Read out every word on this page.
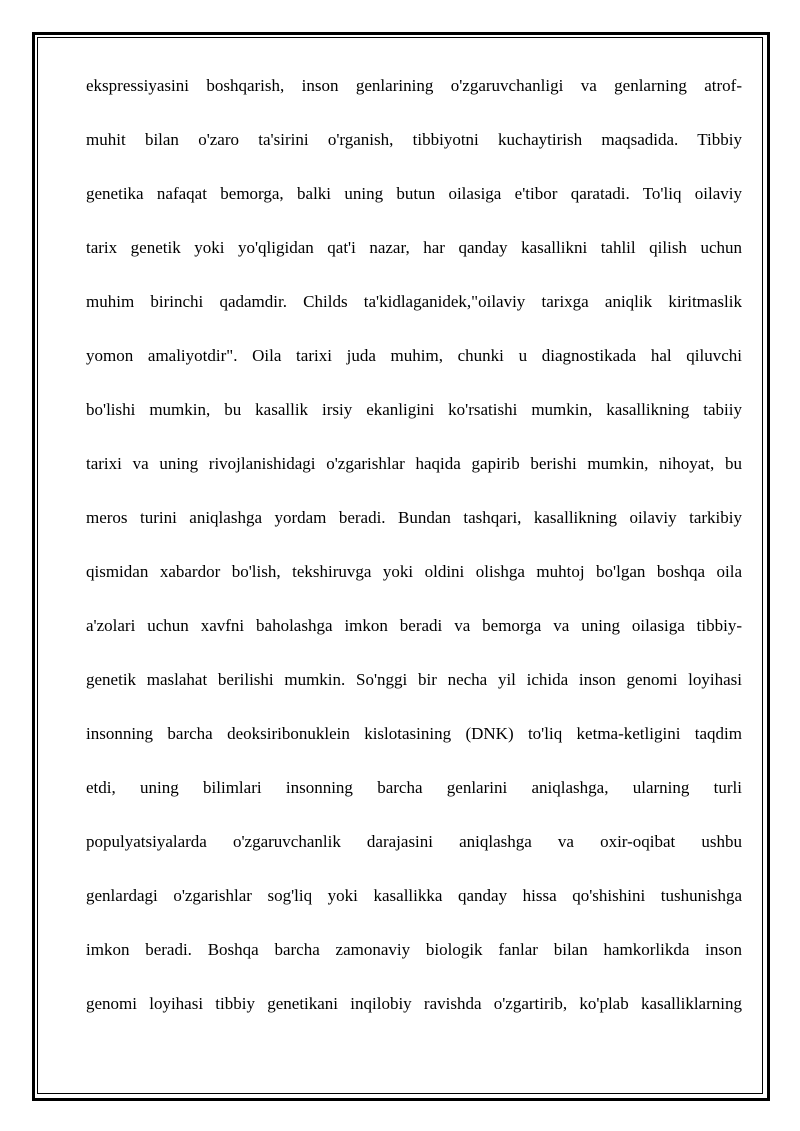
ekspressiyasini boshqarish, inson genlarining o'zgaruvchanligi va genlarning atrof-
muhit bilan o'zaro ta'sirini o'rganish, tibbiyotni kuchaytirish maqsadida. Tibbiy
genetika nafaqat bemorga, balki uning butun oilasiga e'tibor qaratadi. To'liq oilaviy
tarix genetik yoki yo'qligidan qat'i nazar, har qanday kasallikni tahlil qilish uchun
muhim birinchi qadamdir. Childs ta'kidlaganidek,"oilaviy tarixga aniqlik kiritmaslik
yomon amaliyotdir". Oila tarixi juda muhim, chunki u diagnostikada hal qiluvchi
bo'lishi mumkin, bu kasallik irsiy ekanligini ko'rsatishi mumkin, kasallikning tabiiy
tarixi va uning rivojlanishidagi o'zgarishlar haqida gapirib berishi mumkin, nihoyat, bu
meros turini aniqlashga yordam beradi. Bundan tashqari, kasallikning oilaviy tarkibiy
qismidan xabardor bo'lish, tekshiruvga yoki oldini olishga muhtoj bo'lgan boshqa oila
a'zolari uchun xavfni baholashga imkon beradi va bemorga va uning oilasiga tibbiy-
genetik maslahat berilishi mumkin. So'nggi bir necha yil ichida inson genomi loyihasi
insonning barcha deoksiribonuklein kislotasining (DNK) to'liq ketma-ketligini taqdim
etdi, uning bilimlari insonning barcha genlarini aniqlashga, ularning turli
populyatsiyalarda o'zgaruvchanlik darajasini aniqlashga va oxir-oqibat ushbu
genlardagi o'zgarishlar sog'liq yoki kasallikka qanday hissa qo'shishini tushunishga
imkon beradi. Boshqa barcha zamonaviy biologik fanlar bilan hamkorlikda inson
genomi loyihasi tibbiy genetikani inqilobiy ravishda o'zgartirib, ko'plab kasalliklarning
